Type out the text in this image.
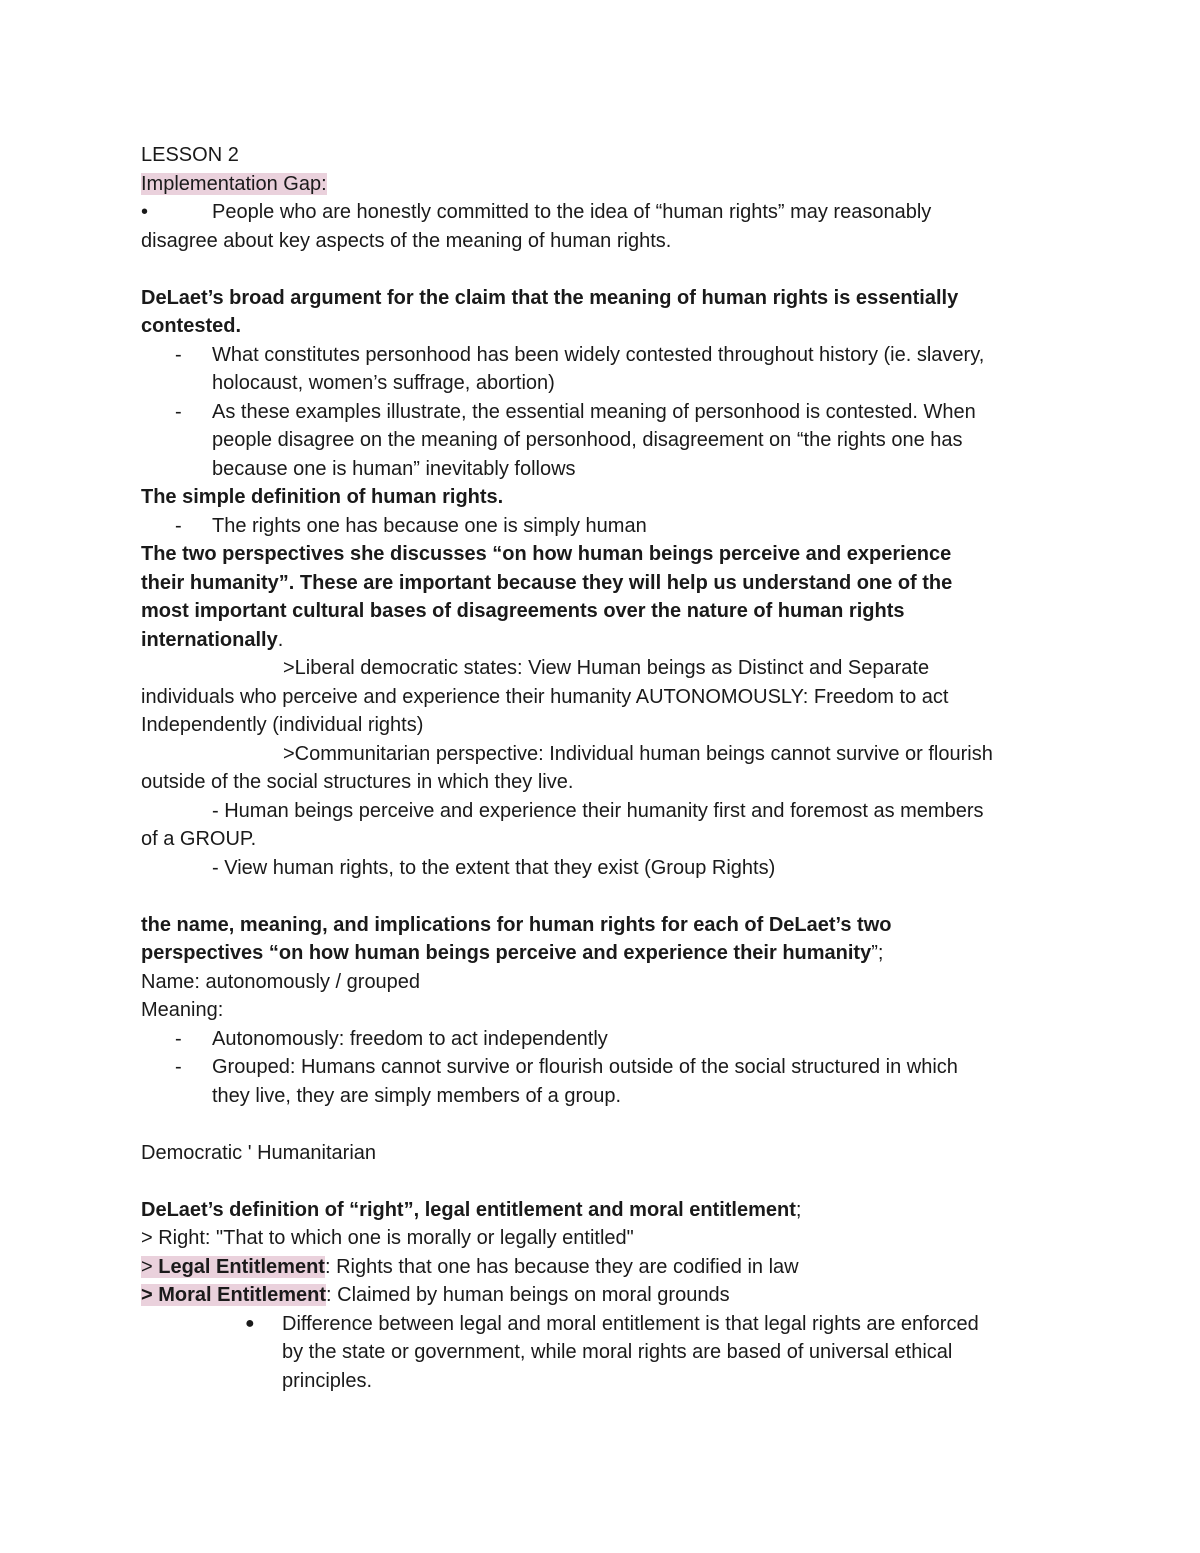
LESSON 2
Implementation Gap:
•	People who are honestly committed to the idea of “human rights” may reasonably
disagree about key aspects of the meaning of human rights.
DeLaet’s broad argument for the claim that the meaning of human rights is essentially
contested.
- What constitutes personhood has been widely contested throughout history (ie. slavery,
holocaust, women’s suffrage, abortion)
- As these examples illustrate, the essential meaning of personhood is contested. When
people disagree on the meaning of personhood, disagreement on “the rights one has
because one is human” inevitably follows
The simple definition of human rights.
- The rights one has because one is simply human
The two perspectives she discusses “on how human beings perceive and experience
their humanity”. These are important because they will help us understand one of the
most important cultural bases of disagreements over the nature of human rights
internationally.
>Liberal democratic states: View Human beings as Distinct and Separate
individuals who perceive and experience their humanity AUTONOMOUSLY: Freedom to act
Independently (individual rights)
>Communitarian perspective: Individual human beings cannot survive or flourish
outside of the social structures in which they live.
- Human beings perceive and experience their humanity first and foremost as members
of a GROUP.
- View human rights, to the extent that they exist (Group Rights)
the name, meaning, and implications for human rights for each of DeLaet’s two
perspectives “on how human beings perceive and experience their humanity”;
Name: autonomously / grouped
Meaning:
- Autonomously: freedom to act independently
- Grouped: Humans cannot survive or flourish outside of the social structured in which
they live, they are simply members of a group.
Democratic ' Humanitarian
DeLaet’s definition of “right”, legal entitlement and moral entitlement;
> Right: "That to which one is morally or legally entitled"
> Legal Entitlement: Rights that one has because they are codified in law
> Moral Entitlement: Claimed by human beings on moral grounds
● Difference between legal and moral entitlement is that legal rights are enforced
by the state or government, while moral rights are based of universal ethical
principles.
